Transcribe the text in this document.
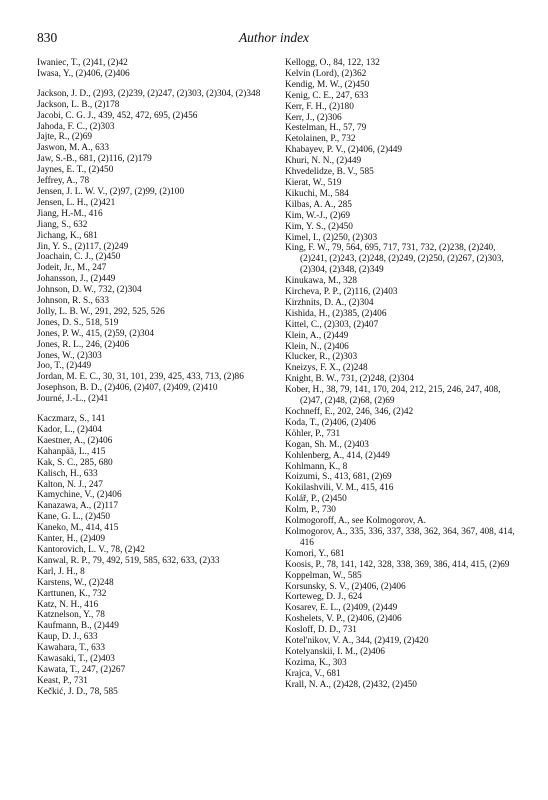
830	Author index

Iwaniec, T., (2)41, (2)42

Iwasa, Y., (2)406, (2)406

Jackson, J. D., (2)93, (2)239, (2)247, (2)303, (2)304, (2)348

Jackson, L. B., (2)178

Jacobi, C. G. J., 439, 452, 472, 695, (2)456

Jahoda, F. C., (2)303

Jajte, R., (2)69

Jaswon, M. A., 633

Jaw, S.-B., 681, (2)116, (2)179

Jaynes, E. T., (2)450

Jeffrey, A., 78

Jensen, J. L. W. V., (2)97, (2)99, (2)100

Jensen, L. H., (2)421

Jiang, H.-M., 416

Jiang, S., 632

Jichang, K., 681

Jin, Y. S., (2)117, (2)249

Joachain, C. J., (2)450

Jodeit, Jr., M., 247

Johansson, J., (2)449

Johnson, D. W., 732, (2)304

Johnson, R. S., 633

Jolly, L. B. W., 291, 292, 525, 526

Jones, D. S., 518, 519

Jones, P. W., 415, (2)59, (2)304

Jones, R. L., 246, (2)406

Jones, W., (2)303

Joo, T., (2)449

Jordan, M. E. C., 30, 31, 101, 239, 425, 433, 713, (2)86

Josephson, B. D., (2)406, (2)407, (2)409, (2)410

Journé, J.-L., (2)41

Kaczmarz, S., 141

Kador, L., (2)404

Kaestner, A., (2)406

Kahanpää, L., 415

Kak, S. C., 285, 680

Kalisch, H., 633

Kalton, N. J., 247

Kamychine, V., (2)406

Kanazawa, A., (2)117

Kane, G. L., (2)450

Kaneko, M., 414, 415

Kanter, H., (2)409

Kantorovich, L. V., 78, (2)42

Kanwal, R. P., 79, 492, 519, 585, 632, 633, (2)33

Karl, J. H., 8

Karstens, W., (2)248

Karttunen, K., 732

Katz, N. H., 416

Katznelson, Y., 78

Kaufmann, B., (2)449

Kaup, D. J., 633

Kawahara, T., 633

Kawasaki, T., (2)403

Kawata, T., 247, (2)267

Keast, P., 731

Kečkić, J. D., 78, 585

Kellogg, O., 84, 122, 132

Kelvin (Lord), (2)362

Kendig, M. W., (2)450

Kenig, C. E., 247, 633

Kerr, F. H., (2)180

Kerr, J., (2)306

Kestelman, H., 57, 79

Ketolainen, P., 732

Khabayev, P. V., (2)406, (2)449

Khuri, N. N., (2)449

Khvedelidze, B. V., 585

Kierat, W., 519

Kikuchi, M., 584

Kilbas, A. A., 285

Kim, W.-J., (2)69

Kim, Y. S., (2)450

Kimel, I., (2)250, (2)303

King, F. W., 79, 564, 695, 717, 731, 732, (2)238, (2)240, (2)241, (2)243, (2)248, (2)249, (2)250, (2)267, (2)303, (2)304, (2)348, (2)349

Kinukawa, M., 328

Kircheva, P. P., (2)116, (2)403

Kirzhnits, D. A., (2)304

Kishida, H., (2)385, (2)406

Kittel, C., (2)303, (2)407

Klein, A., (2)449

Klein, N., (2)406

Klucker, R., (2)303

Kneizys, F. X., (2)248

Knight, B. W., 731, (2)248, (2)304

Kober, H., 38, 79, 141, 170, 204, 212, 215, 246, 247, 408, (2)47, (2)48, (2)68, (2)69

Kochneff, E., 202, 246, 346, (2)42

Koda, T., (2)406, (2)406

Köhler, P., 731

Kogan, Sh. M., (2)403

Kohlenberg, A., 414, (2)449

Kohlmann, K., 8

Koizumi, S., 413, 681, (2)69

Kokilashvili, V. M., 415, 416

Kolář, P., (2)450

Kolm, P., 730

Kolmogoroff, A., see Kolmogorov, A.

Kolmogorov, A., 335, 336, 337, 338, 362, 364, 367, 408, 414, 416

Komori, Y., 681

Koosis, P., 78, 141, 142, 328, 338, 369, 386, 414, 415, (2)69

Koppelman, W., 585

Korsunsky, S. V., (2)406, (2)406

Korteweg, D. J., 624

Kosarev, E. L., (2)409, (2)449

Koshelets, V. P., (2)406, (2)406

Kosloff, D. D., 731

Kotel'nikov, V. A., 344, (2)419, (2)420

Kotelyanskii, I. M., (2)406

Kozima, K., 303

Krajca, V., 681

Krall, N. A., (2)428, (2)432, (2)450
